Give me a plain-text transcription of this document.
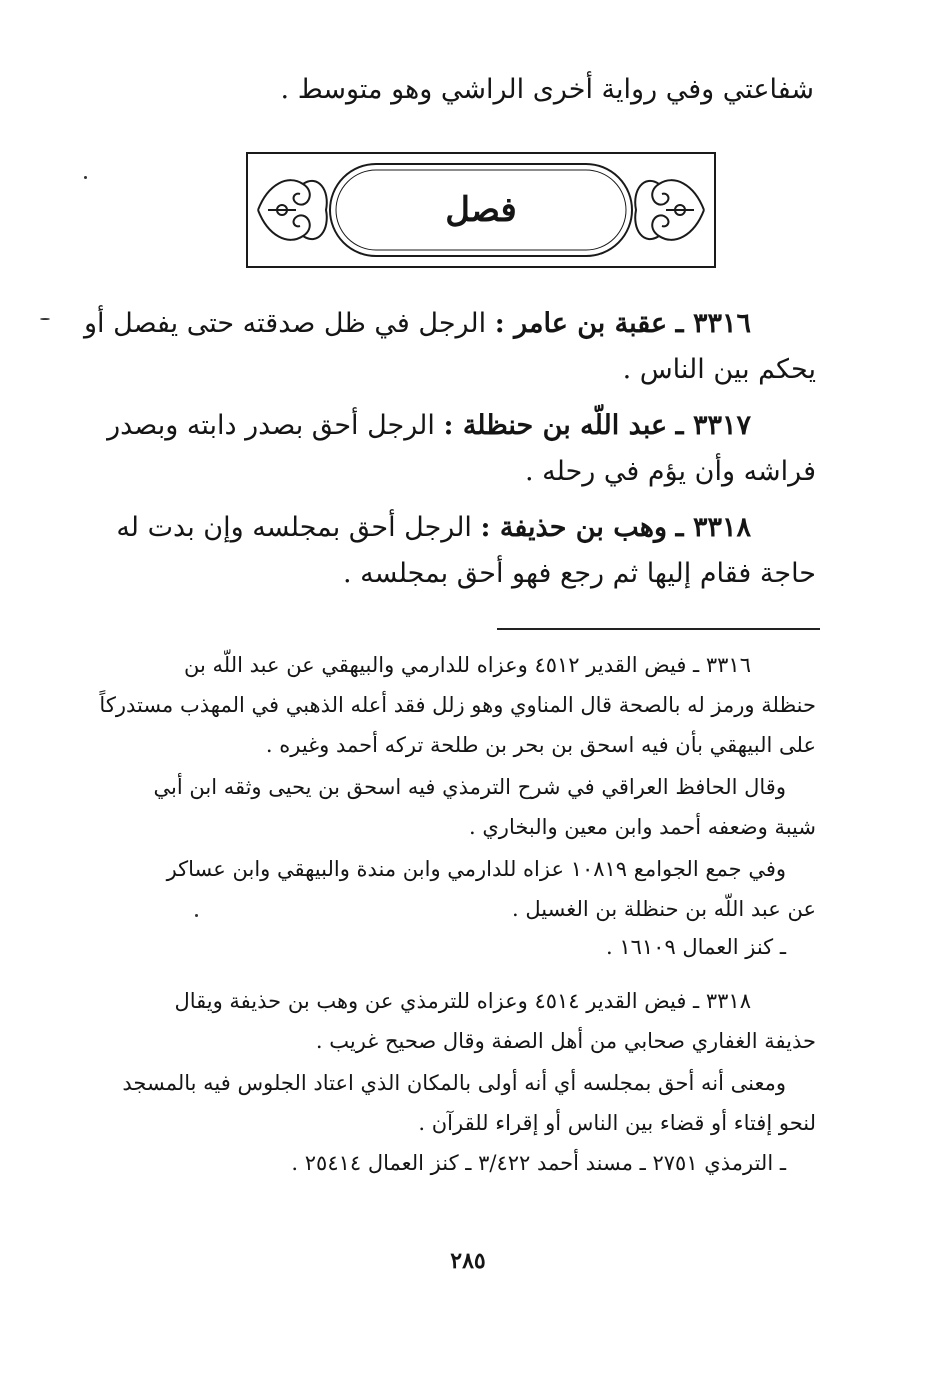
شفاعتي وفي رواية أخرى الراشي وهو متوسط .
فصل
٣٣١٦ ـ عقبة بن عامر : الرجل في ظل صدقته حتى يفصل أو
يحكم بين الناس .
٣٣١٧ ـ عبد اللّه بن حنظلة : الرجل أحق بصدر دابته وبصدر
فراشه وأن يؤم في رحله .
٣٣١٨ ـ وهب بن حذيفة : الرجل أحق بمجلسه وإن بدت له
حاجة فقام إليها ثم رجع فهو أحق بمجلسه .
٣٣١٦ ـ فيض القدير ٤٥١٢ وعزاه للدارمي والبيهقي عن عبد اللّه بن
حنظلة ورمز له بالصحة قال المناوي وهو زلل فقد أعله الذهبي في المهذب مستدركاً
على البيهقي بأن فيه اسحق بن بحر بن طلحة تركه أحمد وغيره .
وقال الحافظ العراقي في شرح الترمذي فيه اسحق بن يحيى وثقه ابن أبي
شيبة وضعفه أحمد وابن معين والبخاري .
وفي جمع الجوامع ١٠٨١٩ عزاه للدارمي وابن مندة والبيهقي وابن عساكر
عن عبد اللّه بن حنظلة بن الغسيل .
ـ كنز العمال ١٦١٠٩ .
٣٣١٨ ـ فيض القدير ٤٥١٤ وعزاه للترمذي عن وهب بن حذيفة ويقال
حذيفة الغفاري صحابي من أهل الصفة وقال صحيح غريب .
ومعنى أنه أحق بمجلسه أي أنه أولى بالمكان الذي اعتاد الجلوس فيه بالمسجد
لنحو إفتاء أو قضاء بين الناس أو إقراء للقرآن .
ـ الترمذي ٢٧٥١ ـ مسند أحمد ٣/٤٢٢ ـ كنز العمال ٢٥٤١٤ .
٢٨٥
